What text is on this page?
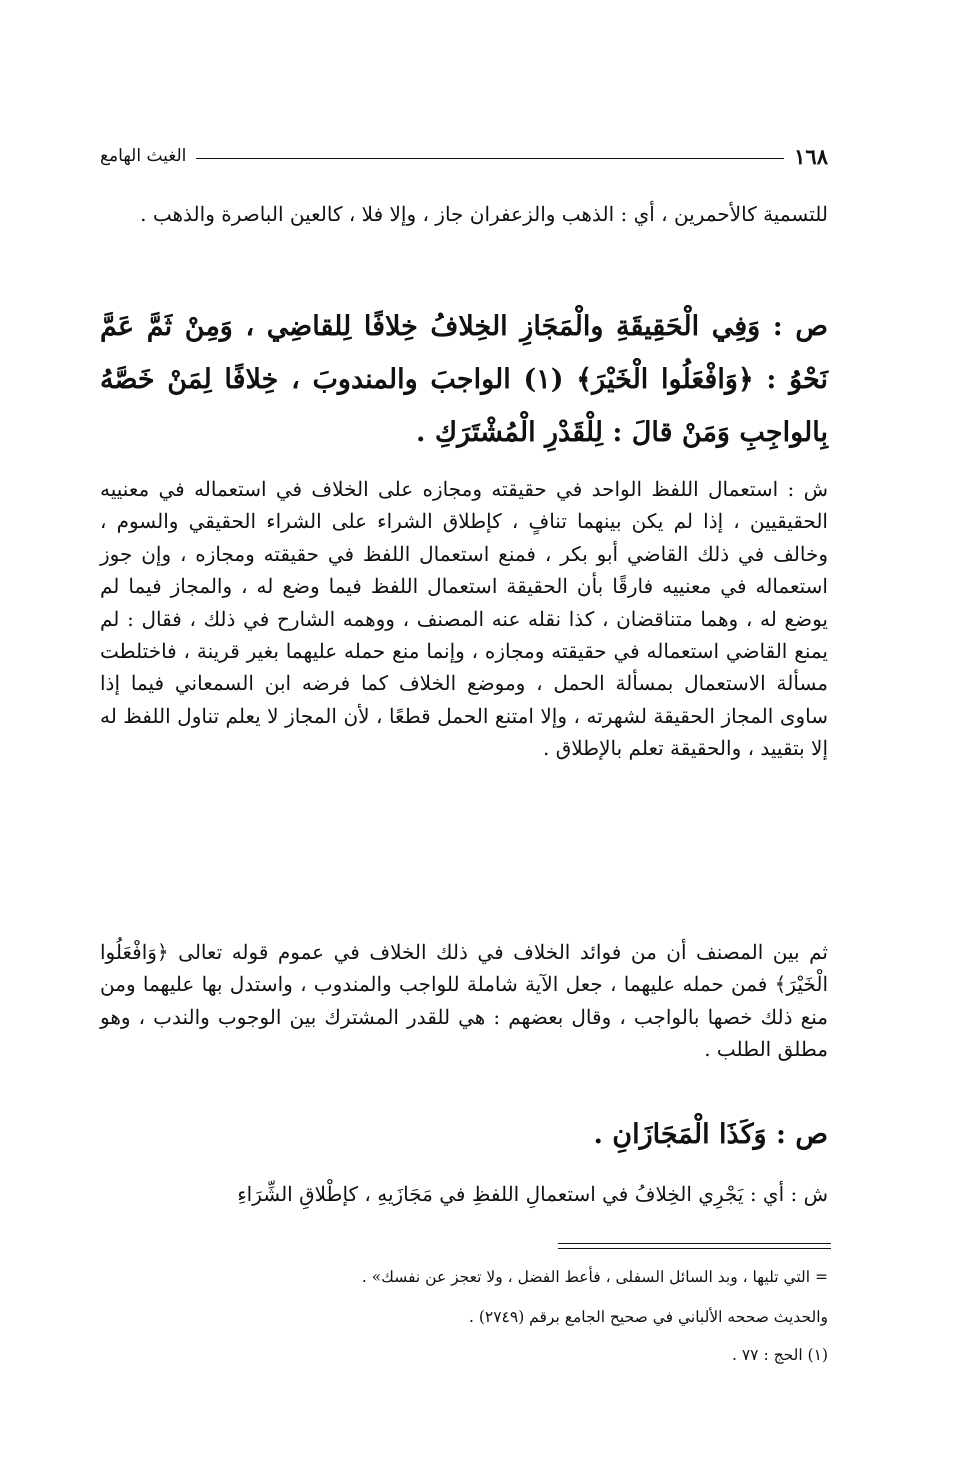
١٦٨
الغيث الهامع

للتسمية كالأحمرين ، أي : الذهب والزعفران جاز ، وإلا فلا ، كالعين الباصرة والذهب .

ص : وَفِي الْحَقِيقَةِ والْمَجَازِ الخِلافُ خِلافًا لِلقاضِي ، وَمِنْ ثَمَّ عَمَّ نَحْوُ : ﴿وَافْعَلُوا الْخَيْرَ﴾ (١) الواجبَ والمندوبَ ، خِلافًا لِمَنْ خَصَّهُ بِالواجِبِ وَمَنْ قالَ : لِلْقَدْرِ الْمُشْتَرَكِ .

ش : استعمال اللفظ الواحد في حقيقته ومجازه على الخلاف في استعماله في معنييه الحقيقيين ، إذا لم يكن بينهما تنافٍ ، كإطلاق الشراء على الشراء الحقيقي والسوم ، وخالف في ذلك القاضي أبو بكر ، فمنع استعمال اللفظ في حقيقته ومجازه ، وإن جوز استعماله في معنييه فارقًا بأن الحقيقة استعمال اللفظ فيما وضع له ، والمجاز فيما لم يوضع له ، وهما متناقضان ، كذا نقله عنه المصنف ، ووهمه الشارح في ذلك ، فقال : لم يمنع القاضي استعماله في حقيقته ومجازه ، وإنما منع حمله عليهما بغير قرينة ، فاختلطت مسألة الاستعمال بمسألة الحمل ، وموضع الخلاف كما فرضه ابن السمعاني فيما إذا ساوى المجاز الحقيقة لشهرته ، وإلا امتنع الحمل قطعًا ، لأن المجاز لا يعلم تناول اللفظ له إلا بتقييد ، والحقيقة تعلم بالإطلاق .

ثم بين المصنف أن من فوائد الخلاف في ذلك الخلاف في عموم قوله تعالى ﴿وَافْعَلُوا الْخَيْرَ﴾ فمن حمله عليهما ، جعل الآية شاملة للواجب والمندوب ، واستدل بها عليهما ومن منع ذلك خصها بالواجب ، وقال بعضهم : هي للقدر المشترك بين الوجوب والندب ، وهو مطلق الطلب .

ص : وَكَذَا الْمَجَازَانِ .

ش : أي : يَجْرِي الخِلافُ في استعمالِ اللفظِ في مَجَازَيهِ ، كإطْلاقِ الشِّرَاءِ

= التي تليها ، وبد السائل السفلى ، فأعط الفضل ، ولا تعجز عن نفسك» .

والحديث صححه الألباني في صحيح الجامع برقم (٢٧٤٩) .

(١) الحج : ٧٧ .
